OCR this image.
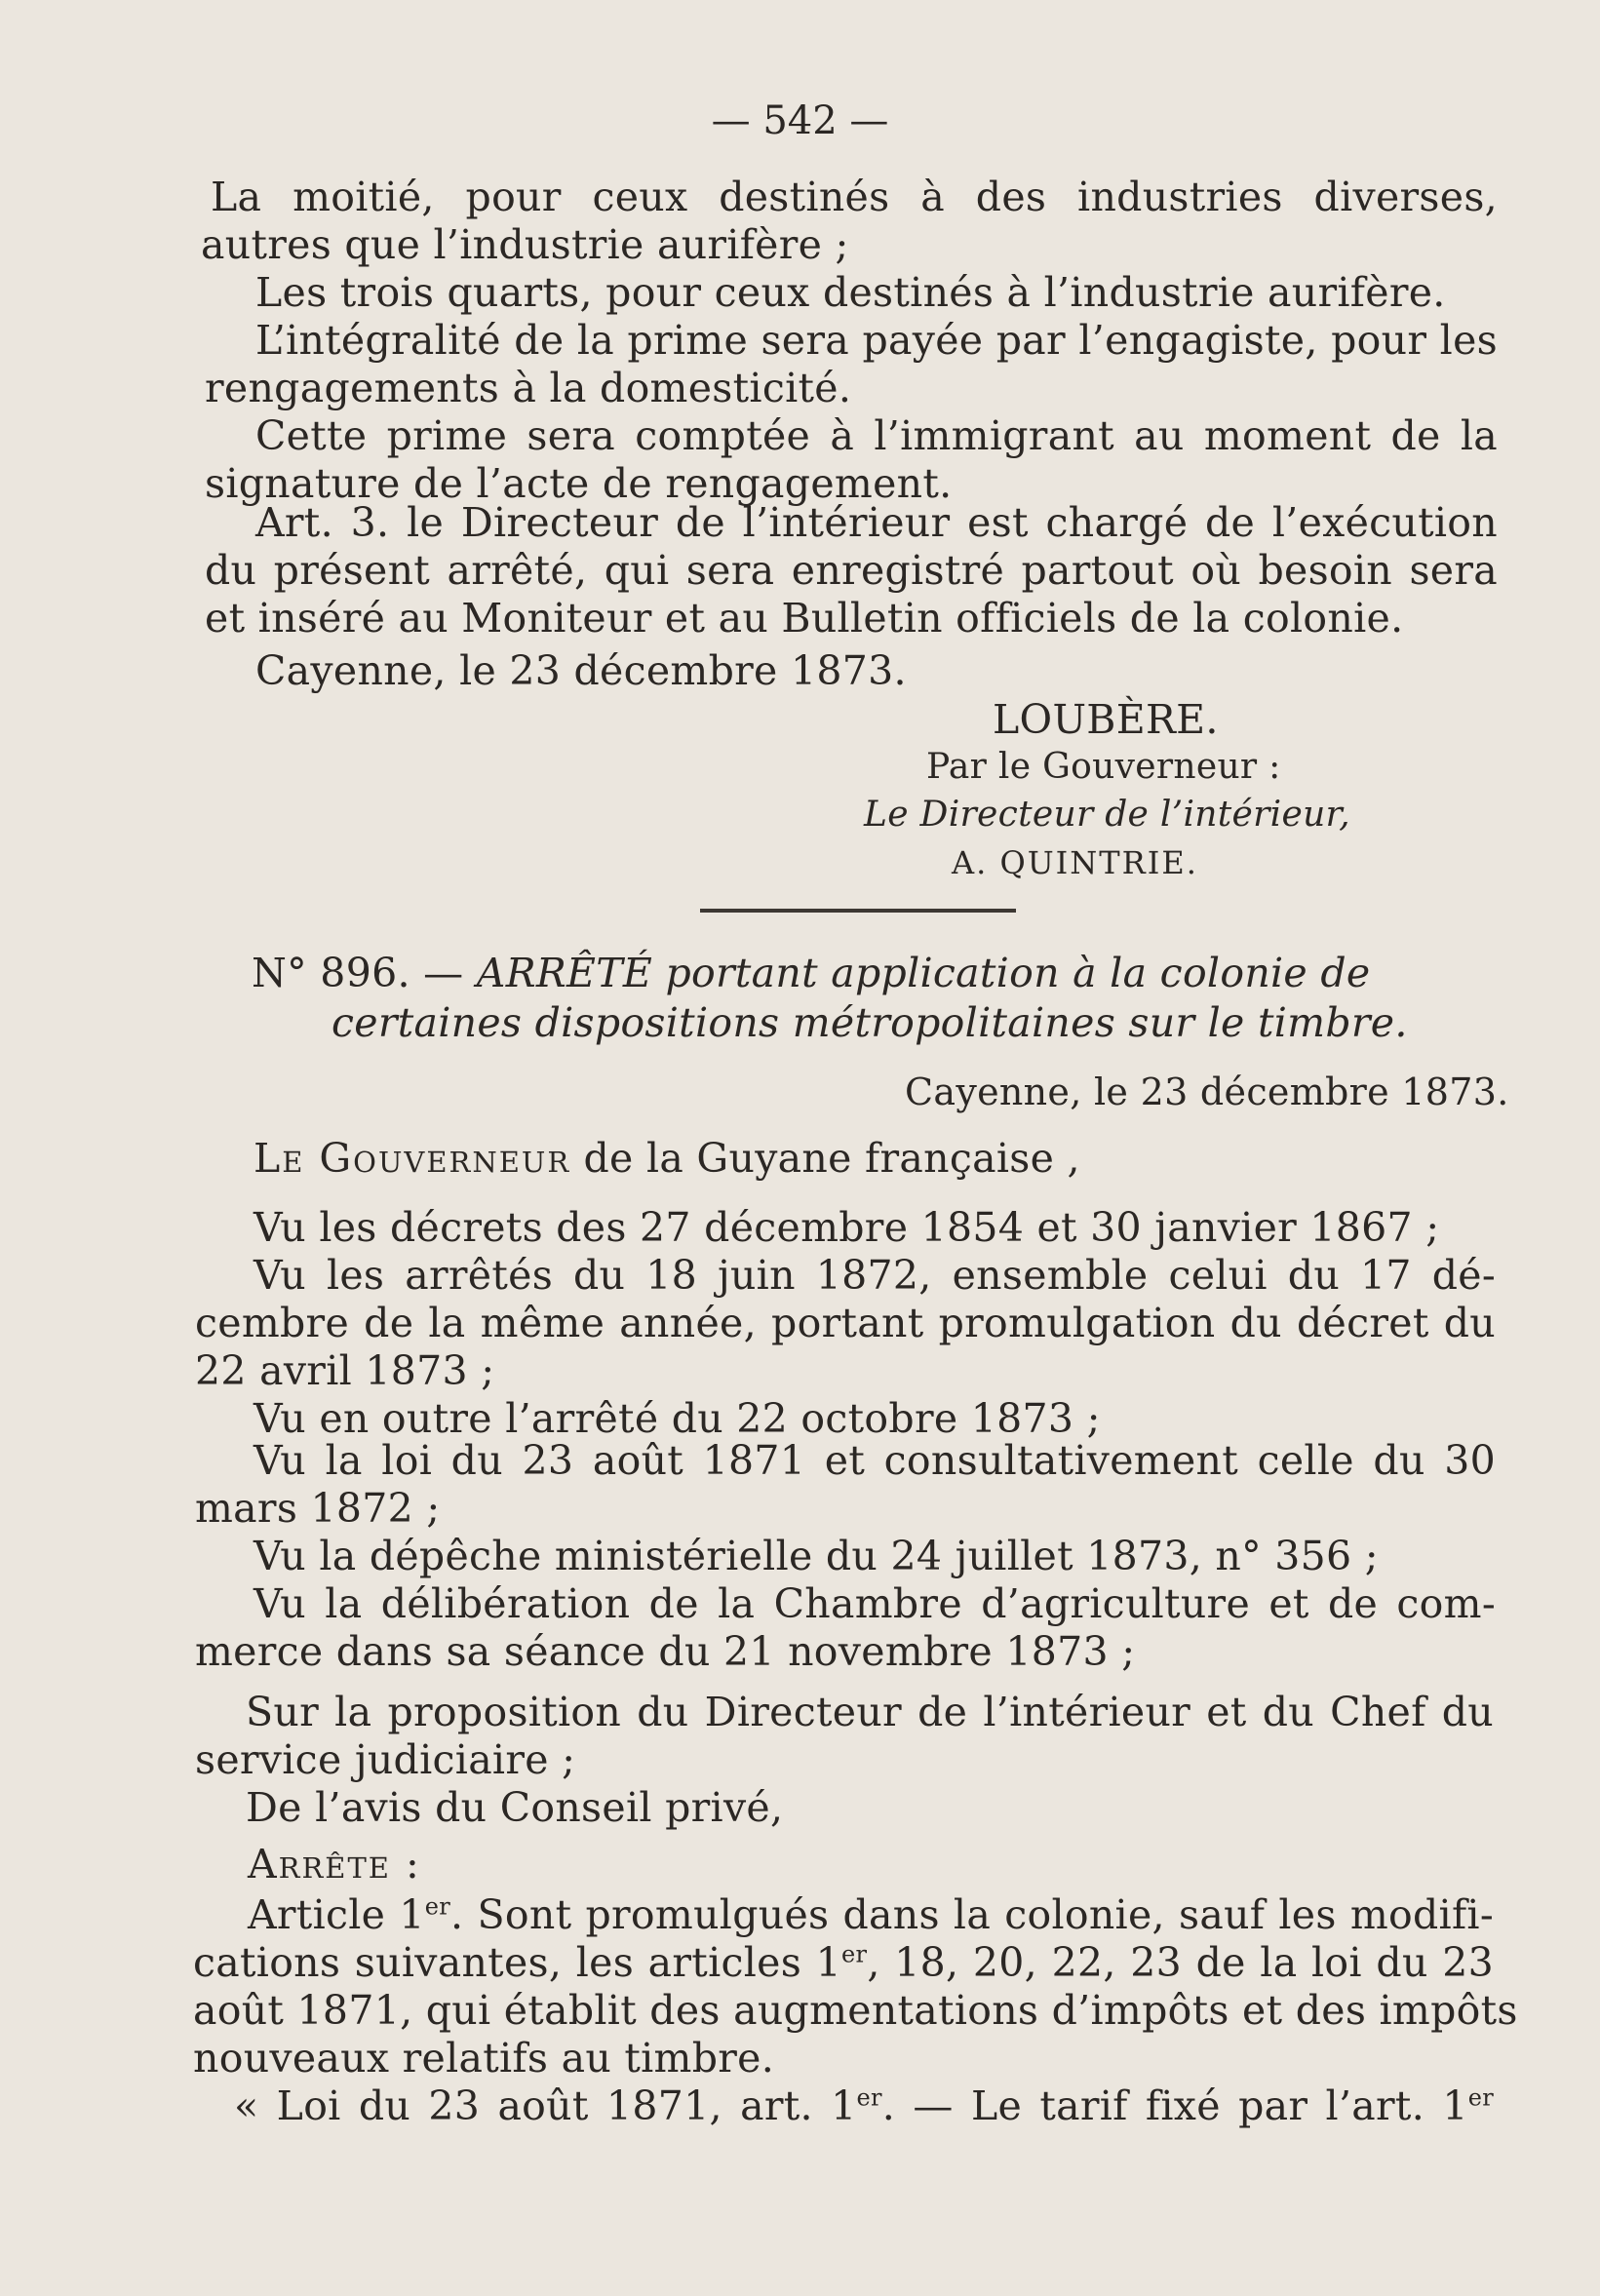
— 542 —
La moitié, pour ceux destinés à des industries diverses,
autres que l’industrie aurifère ;
Les trois quarts, pour ceux destinés à l’industrie aurifère.
L’intégralité de la prime sera payée par l’engagiste, pour les
rengagements à la domesticité.
Cette prime sera comptée à l’immigrant au moment de la
signature de l’acte de rengagement.
Art. 3. le Directeur de l’intérieur est chargé de l’exécution
du présent arrêté, qui sera enregistré partout où besoin sera
et inséré au Moniteur et au Bulletin officiels de la colonie.
Cayenne, le 23 décembre 1873.
LOUBÈRE.
Par le Gouverneur :
Le Directeur de l’intérieur,
A. QUINTRIE.
N° 896. — ARRÊTÉ portant application à la colonie de
certaines dispositions métropolitaines sur le timbre.
Cayenne, le 23 décembre 1873.
Le Gouverneur de la Guyane française ,
Vu les décrets des 27 décembre 1854 et 30 janvier 1867 ;
Vu les arrêtés du 18 juin 1872, ensemble celui du 17 dé-
cembre de la même année, portant promulgation du décret du
22 avril 1873 ;
Vu en outre l’arrêté du 22 octobre 1873 ;
Vu la loi du 23 août 1871 et consultativement celle du 30
mars 1872 ;
Vu la dépêche ministérielle du 24 juillet 1873, n° 356 ;
Vu la délibération de la Chambre d’agriculture et de com-
merce dans sa séance du 21 novembre 1873 ;
Sur la proposition du Directeur de l’intérieur et du Chef du
service judiciaire ;
De l’avis du Conseil privé,
Arrête :
Article 1er. Sont promulgués dans la colonie, sauf les modifi-
cations suivantes, les articles 1er, 18, 20, 22, 23 de la loi du 23
août 1871, qui établit des augmentations d’impôts et des impôts
nouveaux relatifs au timbre.
« Loi du 23 août 1871, art. 1er. — Le tarif fixé par l’art. 1er
